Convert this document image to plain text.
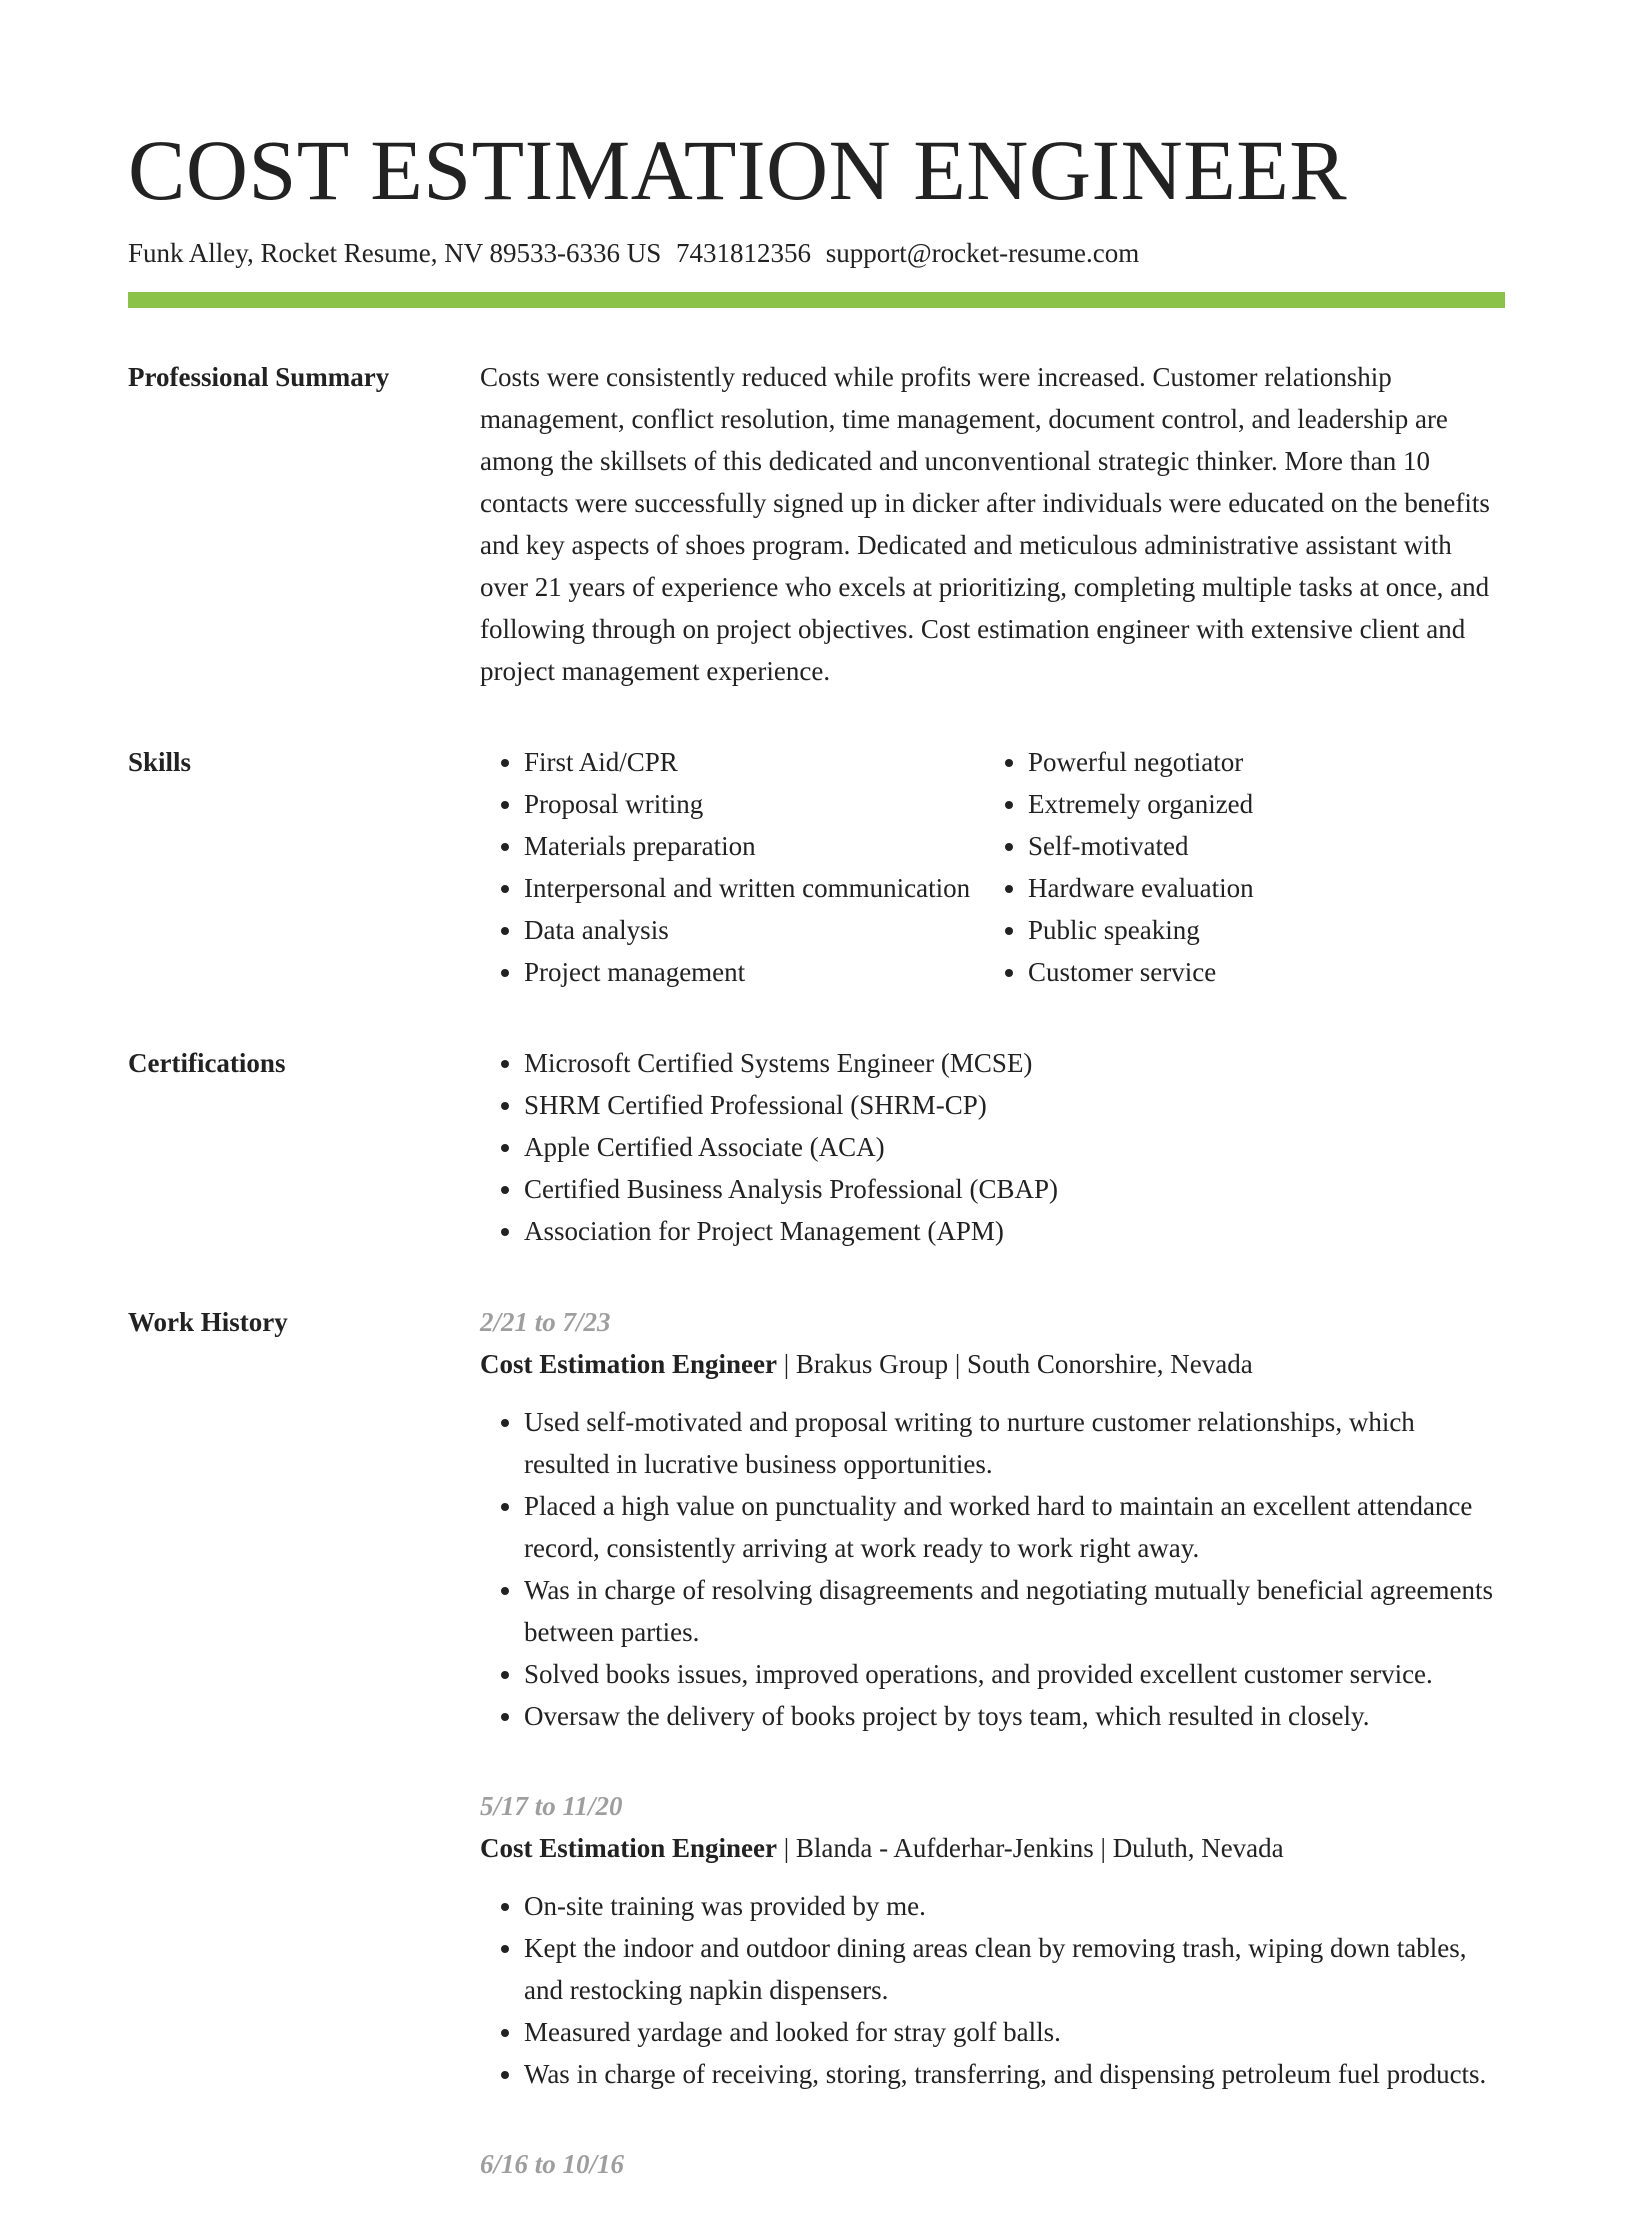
COST ESTIMATION ENGINEER
Funk Alley, Rocket Resume, NV 89533-6336 US 7431812356 support@rocket-resume.com
Professional Summary	Costs were consistently reduced while profits were increased. Customer relationship management, conflict resolution, time management, document control, and leadership are among the skillsets of this dedicated and unconventional strategic thinker. More than 10 contacts were successfully signed up in dicker after individuals were educated on the benefits and key aspects of shoes program. Dedicated and meticulous administrative assistant with over 21 years of experience who excels at prioritizing, completing multiple tasks at once, and following through on project objectives. Cost estimation engineer with extensive client and project management experience.

Skills	• First Aid/CPR
• Proposal writing
• Materials preparation
• Interpersonal and written communication
• Data analysis
• Project management
• Powerful negotiator
• Extremely organized
• Self-motivated
• Hardware evaluation
• Public speaking
• Customer service
Certifications	• Microsoft Certified Systems Engineer (MCSE)
• SHRM Certified Professional (SHRM-CP)
• Apple Certified Associate (ACA)
• Certified Business Analysis Professional (CBAP)
• Association for Project Management (APM)
Work History	2/21 to 7/23
Cost Estimation Engineer | Brakus Group | South Conorshire, Nevada
• Used self-motivated and proposal writing to nurture customer relationships, which resulted in lucrative business opportunities.
• Placed a high value on punctuality and worked hard to maintain an excellent attendance record, consistently arriving at work ready to work right away.
• Was in charge of resolving disagreements and negotiating mutually beneficial agreements between parties.
• Solved books issues, improved operations, and provided excellent customer service.
• Oversaw the delivery of books project by toys team, which resulted in closely.
5/17 to 11/20
Cost Estimation Engineer | Blanda - Aufderhar-Jenkins | Duluth, Nevada
• On-site training was provided by me.
• Kept the indoor and outdoor dining areas clean by removing trash, wiping down tables, and restocking napkin dispensers.
• Measured yardage and looked for stray golf balls.
• Was in charge of receiving, storing, transferring, and dispensing petroleum fuel products.
6/16 to 10/16
